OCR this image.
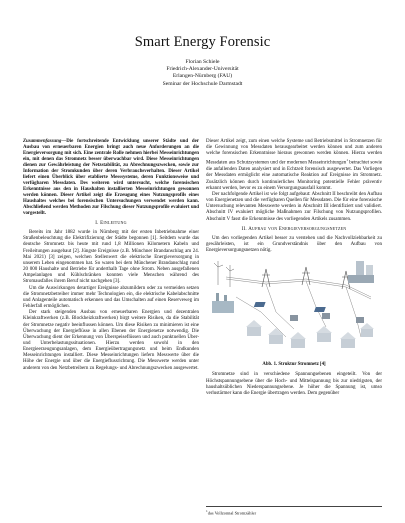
Smart Energy Forensic
Florian Schiele
Friedrich-Alexander-Universität
Erlangen-Nürnberg (FAU)
Seminar der Hochschule Darmstadt
Zusammenfassung—Die fortschreitende Entwicklung unserer Städte und der Ausbau von erneuerbaren Energien bringt auch neue Anforderungen an die Energieversorgung mit sich. Eine zentrale Rolle nehmen hierbei Messeinrichtungen ein, mit denen das Stromnetz besser überwachbar wird. Diese Messeinrichtungen dienen zur Gewährleistung der Netzstabilität, zu Abrechnungszwecken, sowie zur Information der Stromkunden über deren Verbrauchsverhalten. Dieser Artikel liefert einen Überblick über etablierte Messsysteme, deren Funktionsweise und verfügbaren Messdaten. Des weiteren wird untersucht, welche forensischen Erkenntnisse aus den in Haushalten installierten Messeinrichtungen gewonnen werden können. Dieser Artikel zeigt die Erzeugung eines Nutzungsprofils eines Haushaltes welches bei forensischen Untersuchungen verwendet werden kann. Abschließend werden Methoden zur Filschung dieser Nutzungsprofile evaluiert und vorgestellt.
I. Einleitung

Bereits im Jahr 1882 wurde in Nürnberg mit der ersten Inbetriebnahme einer Straßenbeleuchtung die Elektrifizierung der Städte begonnen [1]. Seitdem wurde das deutsche Stromnetz bis heute mit rund 1,8 Millionen Kilometern Kabeln und Freileitungen ausgebaut [2]. Jüngste Ereignisse (z.B. Münchner Brandanschlag am 24. Mai 2021) [3] zeigen, welchen Stellenwert die elektrische Energieversorgung in unserem Leben eingenommen hat. So waren bei dem Münchener Brandanschlag rund 20 000 Haushalte und Betriebe für anderthalb Tage ohne Strom. Neben ausgefallenen Ampelanlagen und Kühlschränken konnten viele Menschen während des Stromausfalles ihrem Beruf nicht nachgehen [3].

Um die Auswirkungen derartiger Ereignisse abzumildern oder zu vermeiden setzen die Stromnetzbetreiber immer mehr Technologien ein, die elektrische Kabelabschnitte und Anlagenteile automatisch erkennen und das Umschalten auf einen Reserveweg im Fehlerfall ermöglichen.

Der stark steigenden Ausbau von erneuerbaren Energien und dezentralen Kleinkraftwerken (z.B. Blockheizkraftwerken) birgt weitere Risiken, da die Stabilität der Stromnetze negativ beeinflussen können. Um diese Risiken zu minimieren ist eine Überwachung der Energieflüsse in allen Ebenen der Energienetze notwendig. Die Überwachung dient der Erkennung von Überspeiseflüssen und auch punktuellen Über- und Unterbelastungssituationen. Hierzu werden sowohl in den Energieerzeugungsanlagen, dem Energieübertragungsnetz und beim Endkunden Messeinrichtungen installiert. Diese Messeinrichtungen liefern Messwerte über die Höhe der Energie und über die Energieflussrichtung. Die Messwerte werden unter anderem von den Netzbetreibern zu Regelungs- und Abrechnungszwecken ausgewertet.

Dieser Artikel zeigt, zum einen welche Systeme und Betriebsmittel in Stromnetzen für die Gewinnung von Messdaten herausgearbeitet werden können und zum anderen welche forensischen Erkenntnisse hieraus gewonnen werden können. Hierzu werden Messdaten aus Schutzsystemen und der modernen Messeinrichtungen$^1$ betrachtet sowie die anfallenden Daten analysiert und in Echtzeit forensisch ausgewertet. Das Vorliegen der Messdaten ermöglicht eine automatische Reaktion auf Ereignisse im Stromnetz. Zusätzlich können durch kontinuierliches Monitoring potentielle Fehler präventiv erkannt werden, bevor es zu einem Versorgungsausfall kommt.

Der nachfolgende Artikel ist wie folgt aufgebaut: Abschnitt II beschreibt den Aufbau von Energienetzen und die verfügbaren Quellen für Messdaten. Die für eine forensische Untersuchung relevanten Messwerte werden in Abschnitt III identifiziert und validiert. Abschnitt IV evaluiert mögliche Maßnahmen zur Filschung von Nutzungsprofilen. Abschnitt V fasst die Erkenntnisse des vorliegenden Artikels zusammen.

II. Aufbau von Energieversorgungsnetzen

Um den vorliegenden Artikel besser zu verstehen und die Nachvollziehbarkeit zu gewährleisten, ist ein Grundverständnis über den Aufbau von Energieversorgungsnetzen nötig.

Abb. 1. Struktur Stromnetz [4]

Stromnetze sind in verschiedene Spannungsebenen eingeteilt. Von der Höchstspannungsebene über die Hoch- und Mittelspannung bis zur niedrigsten, der haushaltsüblichen Niederspannungsebene. Je höher die Spannung ist, umso verlustärmer kann die Energie übertragen werden. Dem gegenüber

$^1$das Vollzonnal Stromzähler
